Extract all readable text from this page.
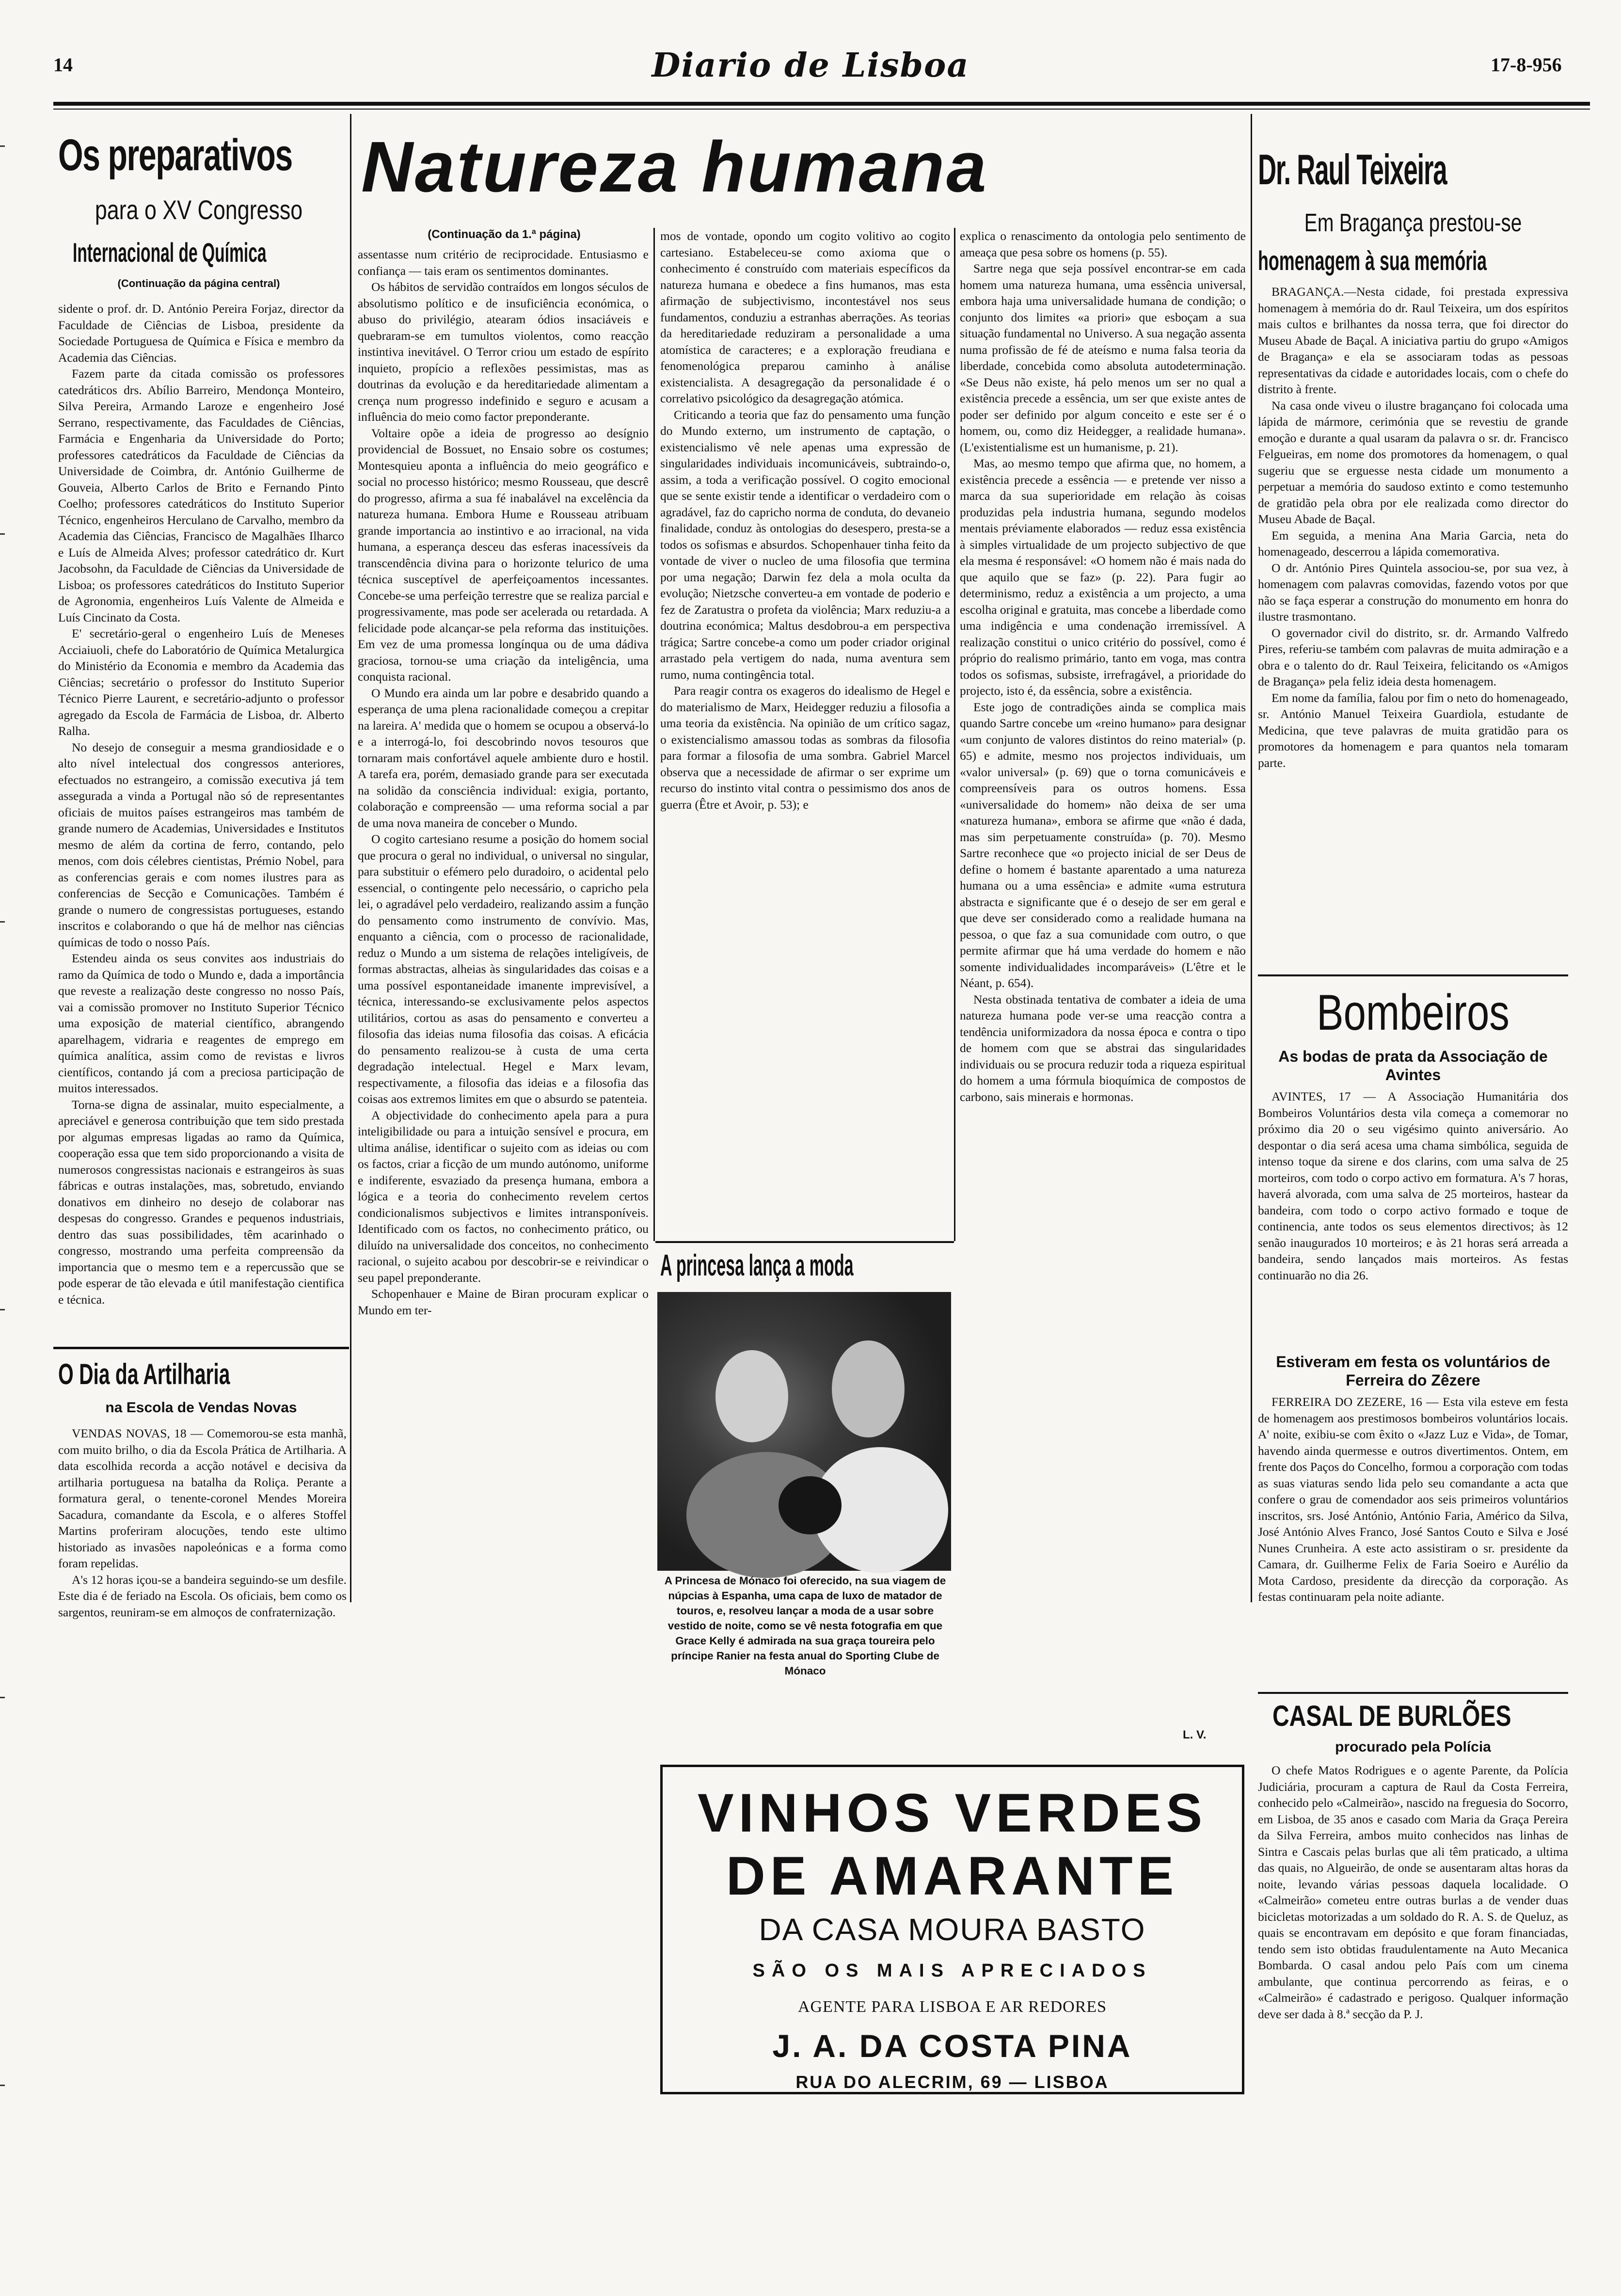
14	Diario de Lisboa	17-8-956
Os preparativos
para o XV Congresso
Internacional de Química
(Continuação da página central)

sidente o prof. dr. D. António Pereira Forjaz, director da Faculdade de Ciências de Lisboa, presidente da Sociedade Portuguesa de Química e Física e membro da Academia das Ciências.

Fazem parte da citada comissão os professores catedráticos drs. Abílio Barreiro, Mendonça Monteiro, Silva Pereira, Armando Laroze e engenheiro José Serrano, respectivamente, das Faculdades de Ciências, Farmácia e Engenharia da Universidade do Porto; professores catedráticos da Faculdade de Ciências da Universidade de Coimbra, dr. António Guilherme de Gouveia, Alberto Carlos de Brito e Fernando Pinto Coelho; professores catedráticos do Instituto Superior Técnico, engenheiros Herculano de Carvalho, membro da Academia das Ciências, Francisco de Magalhães Ilharco e Luís de Almeida Alves; professor catedrático dr. Kurt Jacobsohn, da Faculdade de Ciências da Universidade de Lisboa; os professores catedráticos do Instituto Superior de Agronomia, engenheiros Luís Valente de Almeida e Luís Cincinato da Costa.

E' secretário-geral o engenheiro Luís de Meneses Acciaiuoli, chefe do Laboratório de Química Metalurgica do Ministério da Economia e membro da Academia das Ciências; secretário o professor do Instituto Superior Técnico Pierre Laurent, e secretário-adjunto o professor agregado da Escola de Farmácia de Lisboa, dr. Alberto Ralha.

No desejo de conseguir a mesma grandiosidade e o alto nível intelectual dos congressos anteriores, efectuados no estrangeiro, a comissão executiva já tem assegurada a vinda a Portugal não só de representantes oficiais de muitos países estrangeiros mas também de grande numero de Academias, Universidades e Institutos mesmo de além da cortina de ferro, contando, pelo menos, com dois célebres cientistas, Prémio Nobel, para as conferencias gerais e com nomes ilustres para as conferencias de Secção e Comunicações. Também é grande o numero de congressistas portugueses, estando inscritos e colaborando o que há de melhor nas ciências químicas de todo o nosso País.

Estendeu ainda os seus convites aos industriais do ramo da Química de todo o Mundo e, dada a importância que reveste a realização deste congresso no nosso País, vai a comissão promover no Instituto Superior Técnico uma exposição de material científico, abrangendo aparelhagem, vidraria e reagentes de emprego em química analítica, assim como de revistas e livros científicos, contando já com a preciosa participação de muitos interessados.

Torna-se digna de assinalar, muito especialmente, a apreciável e generosa contribuição que tem sido prestada por algumas empresas ligadas ao ramo da Química, cooperação essa que tem sido proporcionando a visita de numerosos congressistas nacionais e estrangeiros às suas fábricas e outras instalações, mas, sobretudo, enviando donativos em dinheiro no desejo de colaborar nas despesas do congresso. Grandes e pequenos industriais, dentro das suas possibilidades, têm acarinhado o congresso, mostrando uma perfeita compreensão da importancia que o mesmo tem e a repercussão que se pode esperar de tão elevada e útil manifestação cientifica e técnica.

O Dia da Artilharia
na Escola de Vendas Novas

VENDAS NOVAS, 18 — Comemorou-se esta manhã, com muito brilho, o dia da Escola Prática de Artilharia. A data escolhida recorda a acção notável e decisiva da artilharia portuguesa na batalha da Roliça. Perante a formatura geral, o tenente-coronel Mendes Moreira Sacadura, comandante da Escola, e o alferes Stoffel Martins proferiram alocuções, tendo este ultimo historiado as invasões napoleónicas e a forma como foram repelidas.

A's 12 horas içou-se a bandeira seguindo-se um desfile. Este dia é de feriado na Escola. Os oficiais, bem como os sargentos, reuniram-se em almoços de confraternização.

Natureza humana
(Continuação da 1.ª página)

assentasse num critério de reciprocidade. Entusiasmo e confiança — tais eram os sentimentos dominantes.

Os hábitos de servidão contraídos em longos séculos de absolutismo político e de insuficiência económica, o abuso do privilégio, atearam ódios insaciáveis e quebraram-se em tumultos violentos, como reacção instintiva inevitável. O Terror criou um estado de espírito inquieto, propício a reflexões pessimistas, mas as doutrinas da evolução e da hereditariedade alimentam a crença num progresso indefinido e seguro e acusam a influência do meio como factor preponderante.

Voltaire opõe a ideia de progresso ao desígnio providencial de Bossuet, no Ensaio sobre os costumes; Montesquieu aponta a influência do meio geográfico e social no processo histórico; mesmo Rousseau, que descrê do progresso, afirma a sua fé inabalável na excelência da natureza humana. Embora Hume e Rousseau atribuam grande importancia ao instintivo e ao irracional, na vida humana, a esperança desceu das esferas inacessíveis da transcendência divina para o horizonte telurico de uma técnica susceptível de aperfeiçoamentos incessantes. Concebe-se uma perfeição terrestre que se realiza parcial e progressivamente, mas pode ser acelerada ou retardada. A felicidade pode alcançar-se pela reforma das instituições. Em vez de uma promessa longínqua ou de uma dádiva graciosa, tornou-se uma criação da inteligência, uma conquista racional.

O Mundo era ainda um lar pobre e desabrido quando a esperança de uma plena racionalidade começou a crepitar na lareira. A' medida que o homem se ocupou a observá-lo e a interrogá-lo, foi descobrindo novos tesouros que tornaram mais confortável aquele ambiente duro e hostil. A tarefa era, porém, demasiado grande para ser executada na solidão da consciência individual: exigia, portanto, colaboração e compreensão — uma reforma social a par de uma nova maneira de conceber o Mundo.

O cogito cartesiano resume a posição do homem social que procura o geral no individual, o universal no singular, para substituir o efémero pelo duradoiro, o acidental pelo essencial, o contingente pelo necessário, o capricho pela lei, o agradável pelo verdadeiro, realizando assim a função do pensamento como instrumento de convívio. Mas, enquanto a ciência, com o processo de racionalidade, reduz o Mundo a um sistema de relações inteligíveis, de formas abstractas, alheias às singularidades das coisas e a uma possível espontaneidade imanente imprevisível, a técnica, interessando-se exclusivamente pelos aspectos utilitários, cortou as asas do pensamento e converteu a filosofia das ideias numa filosofia das coisas. A eficácia do pensamento realizou-se à custa de uma certa degradação intelectual. Hegel e Marx levam, respectivamente, a filosofia das ideias e a filosofia das coisas aos extremos limites em que o absurdo se patenteia.

A objectividade do conhecimento apela para a pura inteligibilidade ou para a intuição sensível e procura, em ultima análise, identificar o sujeito com as ideias ou com os factos, criar a ficção de um mundo autónomo, uniforme e indiferente, esvaziado da presença humana, embora a lógica e a teoria do conhecimento revelem certos condicionalismos subjectivos e limites intransponíveis. Identificado com os factos, no conhecimento prático, ou diluído na universalidade dos conceitos, no conhecimento racional, o sujeito acabou por descobrir-se e reivindicar o seu papel preponderante.

Schopenhauer e Maine de Biran procuram explicar o Mundo em ter-

mos de vontade, opondo um cogito volitivo ao cogito cartesiano. Estabeleceu-se como axioma que o conhecimento é construído com materiais específicos da natureza humana e obedece a fins humanos, mas esta afirmação de subjectivismo, incontestável nos seus fundamentos, conduziu a estranhas aberrações. As teorias da hereditariedade reduziram a personalidade a uma atomística de caracteres; e a exploração freudiana e fenomenológica preparou caminho à análise existencialista. A desagregação da personalidade é o correlativo psicológico da desagregação atómica.

Criticando a teoria que faz do pensamento uma função do Mundo externo, um instrumento de captação, o existencialismo vê nele apenas uma expressão de singularidades individuais incomunicáveis, subtraindo-o, assim, a toda a verificação possível. O cogito emocional que se sente existir tende a identificar o verdadeiro com o agradável, faz do capricho norma de conduta, do devaneio finalidade, conduz às ontologias do desespero, presta-se a todos os sofismas e absurdos. Schopenhauer tinha feito da vontade de viver o nucleo de uma filosofia que termina por uma negação; Darwin fez dela a mola oculta da evolução; Nietzsche converteu-a em vontade de poderio e fez de Zaratustra o profeta da violência; Marx reduziu-a a doutrina económica; Maltus desdobrou-a em perspectiva trágica; Sartre concebe-a como um poder criador original arrastado pela vertigem do nada, numa aventura sem rumo, numa contingência total.

Para reagir contra os exageros do idealismo de Hegel e do materialismo de Marx, Heidegger reduziu a filosofia a uma teoria da existência. Na opinião de um crítico sagaz, o existencialismo amassou todas as sombras da filosofia para formar a filosofia de uma sombra. Gabriel Marcel observa que a necessidade de afirmar o ser exprime um recurso do instinto vital contra o pessimismo dos anos de guerra (Être et Avoir, p. 53); e

explica o renascimento da ontologia pelo sentimento de ameaça que pesa sobre os homens (p. 55).

Sartre nega que seja possível encontrar-se em cada homem uma natureza humana, uma essência universal, embora haja uma universalidade humana de condição; o conjunto dos limites «a priori» que esboçam a sua situação fundamental no Universo. A sua negação assenta numa profissão de fé de ateísmo e numa falsa teoria da liberdade, concebida como absoluta autodeterminação. «Se Deus não existe, há pelo menos um ser no qual a existência precede a essência, um ser que existe antes de poder ser definido por algum conceito e este ser é o homem, ou, como diz Heidegger, a realidade humana». (L'existentialisme est un humanisme, p. 21).

Mas, ao mesmo tempo que afirma que, no homem, a existência precede a essência — e pretende ver nisso a marca da sua superioridade em relação às coisas produzidas pela industria humana, segundo modelos mentais préviamente elaborados — reduz essa existência à simples virtualidade de um projecto subjectivo de que ela mesma é responsável: «O homem não é mais nada do que aquilo que se faz» (p. 22). Para fugir ao determinismo, reduz a existência a um projecto, a uma escolha original e gratuita, mas concebe a liberdade como uma indigência e uma condenação irremissível. A realização constitui o unico critério do possível, como é próprio do realismo primário, tanto em voga, mas contra todos os sofismas, subsiste, irrefragável, a prioridade do projecto, isto é, da essência, sobre a existência.

Este jogo de contradições ainda se complica mais quando Sartre concebe um «reino humano» para designar «um conjunto de valores distintos do reino material» (p. 65) e admite, mesmo nos projectos individuais, um «valor universal» (p. 69) que o torna comunicáveis e compreensíveis para os outros homens. Essa «universalidade do homem» não deixa de ser uma «natureza humana», embora se afirme que «não é dada, mas sim perpetuamente construída» (p. 70). Mesmo Sartre reconhece que «o projecto inicial de ser Deus de define o homem é bastante aparentado a uma natureza humana ou a uma essência» e admite «uma estrutura abstracta e significante que é o desejo de ser em geral e que deve ser considerado como a realidade humana na pessoa, o que faz a sua comunidade com outro, o que permite afirmar que há uma verdade do homem e não somente individualidades incomparáveis» (L'être et le Néant, p. 654).

Nesta obstinada tentativa de combater a ideia de uma natureza humana pode ver-se uma reacção contra a tendência uniformizadora da nossa época e contra o tipo de homem com que se abstrai das singularidades individuais ou se procura reduzir toda a riqueza espiritual do homem a uma fórmula bioquímica de compostos de carbono, sais minerais e hormonas.

L. V.
A princesa lança a moda
A Princesa de Mónaco foi oferecido, na sua viagem de núpcias à Espanha, uma capa de luxo de matador de touros, e, resolveu lançar a moda de a usar sobre vestido de noite, como se vê nesta fotografia em que Grace Kelly é admirada na sua graça toureira pelo príncipe Ranier na festa anual do Sporting Clube de Mónaco
VINHOS VERDES
DE AMARANTE
DA CASA MOURA BASTO
SÃO OS MAIS APRECIADOS
AGENTE PARA LISBOA E AR REDORES
J. A. DA COSTA PINA
RUA DO ALECRIM, 69 — LISBOA
Dr. Raul Teixeira
Em Bragança prestou-se
homenagem à sua memória

BRAGANÇA.—Nesta cidade, foi prestada expressiva homenagem à memória do dr. Raul Teixeira, um dos espíritos mais cultos e brilhantes da nossa terra, que foi director do Museu Abade de Baçal. A iniciativa partiu do grupo «Amigos de Bragança» e ela se associaram todas as pessoas representativas da cidade e autoridades locais, com o chefe do distrito à frente.

Na casa onde viveu o ilustre bragançano foi colocada uma lápida de mármore, cerimónia que se revestiu de grande emoção e durante a qual usaram da palavra o sr. dr. Francisco Felgueiras, em nome dos promotores da homenagem, o qual sugeriu que se erguesse nesta cidade um monumento a perpetuar a memória do saudoso extinto e como testemunho de gratidão pela obra por ele realizada como director do Museu Abade de Baçal.

Em seguida, a menina Ana Maria Garcia, neta do homenageado, descerrou a lápida comemorativa.

O dr. António Pires Quintela associou-se, por sua vez, à homenagem com palavras comovidas, fazendo votos por que não se faça esperar a construção do monumento em honra do ilustre trasmontano.

O governador civil do distrito, sr. dr. Armando Valfredo Pires, referiu-se também com palavras de muita admiração e a obra e o talento do dr. Raul Teixeira, felicitando os «Amigos de Bragança» pela feliz ideia desta homenagem.

Em nome da família, falou por fim o neto do homenageado, sr. António Manuel Teixeira Guardiola, estudante de Medicina, que teve palavras de muita gratidão para os promotores da homenagem e para quantos nela tomaram parte.

Bombeiros
As bodas de prata da Associação de Avintes

AVINTES, 17 — A Associação Humanitária dos Bombeiros Voluntários desta vila começa a comemorar no próximo dia 20 o seu vigésimo quinto aniversário. Ao despontar o dia será acesa uma chama simbólica, seguida de intenso toque da sirene e dos clarins, com uma salva de 25 morteiros, com todo o corpo activo em formatura. A's 7 horas, haverá alvorada, com uma salva de 25 morteiros, hastear da bandeira, com todo o corpo activo formado e toque de continencia, ante todos os seus elementos directivos; às 12 senão inaugurados 10 morteiros; e às 21 horas será arreada a bandeira, sendo lançados mais morteiros. As festas continuarão no dia 26.

Estiveram em festa os voluntários de Ferreira do Zêzere

FERREIRA DO ZEZERE, 16 — Esta vila esteve em festa de homenagem aos prestimosos bombeiros voluntários locais. A' noite, exibiu-se com êxito o «Jazz Luz e Vida», de Tomar, havendo ainda quermesse e outros divertimentos. Ontem, em frente dos Paços do Concelho, formou a corporação com todas as suas viaturas sendo lida pelo seu comandante a acta que confere o grau de comendador aos seis primeiros voluntários inscritos, srs. José António, António Faria, Américo da Silva, José António Alves Franco, José Santos Couto e Silva e José Nunes Crunheira. A este acto assistiram o sr. presidente da Camara, dr. Guilherme Felix de Faria Soeiro e Aurélio da Mota Cardoso, presidente da direcção da corporação. As festas continuaram pela noite adiante.

CASAL DE BURLÕES
procurado pela Polícia

O chefe Matos Rodrigues e o agente Parente, da Polícia Judiciária, procuram a captura de Raul da Costa Ferreira, conhecido pelo «Calmeirão», nascido na freguesia do Socorro, em Lisboa, de 35 anos e casado com Maria da Graça Pereira da Silva Ferreira, ambos muito conhecidos nas linhas de Sintra e Cascais pelas burlas que ali têm praticado, a ultima das quais, no Algueirão, de onde se ausentaram altas horas da noite, levando várias pessoas daquela localidade. O «Calmeirão» cometeu entre outras burlas a de vender duas bicicletas motorizadas a um soldado do R. A. S. de Queluz, as quais se encontravam em depósito e que foram financiadas, tendo sem isto obtidas fraudulentamente na Auto Mecanica Bombarda. O casal andou pelo País com um cinema ambulante, que continua percorrendo as feiras, e o «Calmeirão» é cadastrado e perigoso. Qualquer informação deve ser dada à 8.ª secção da P. J.
